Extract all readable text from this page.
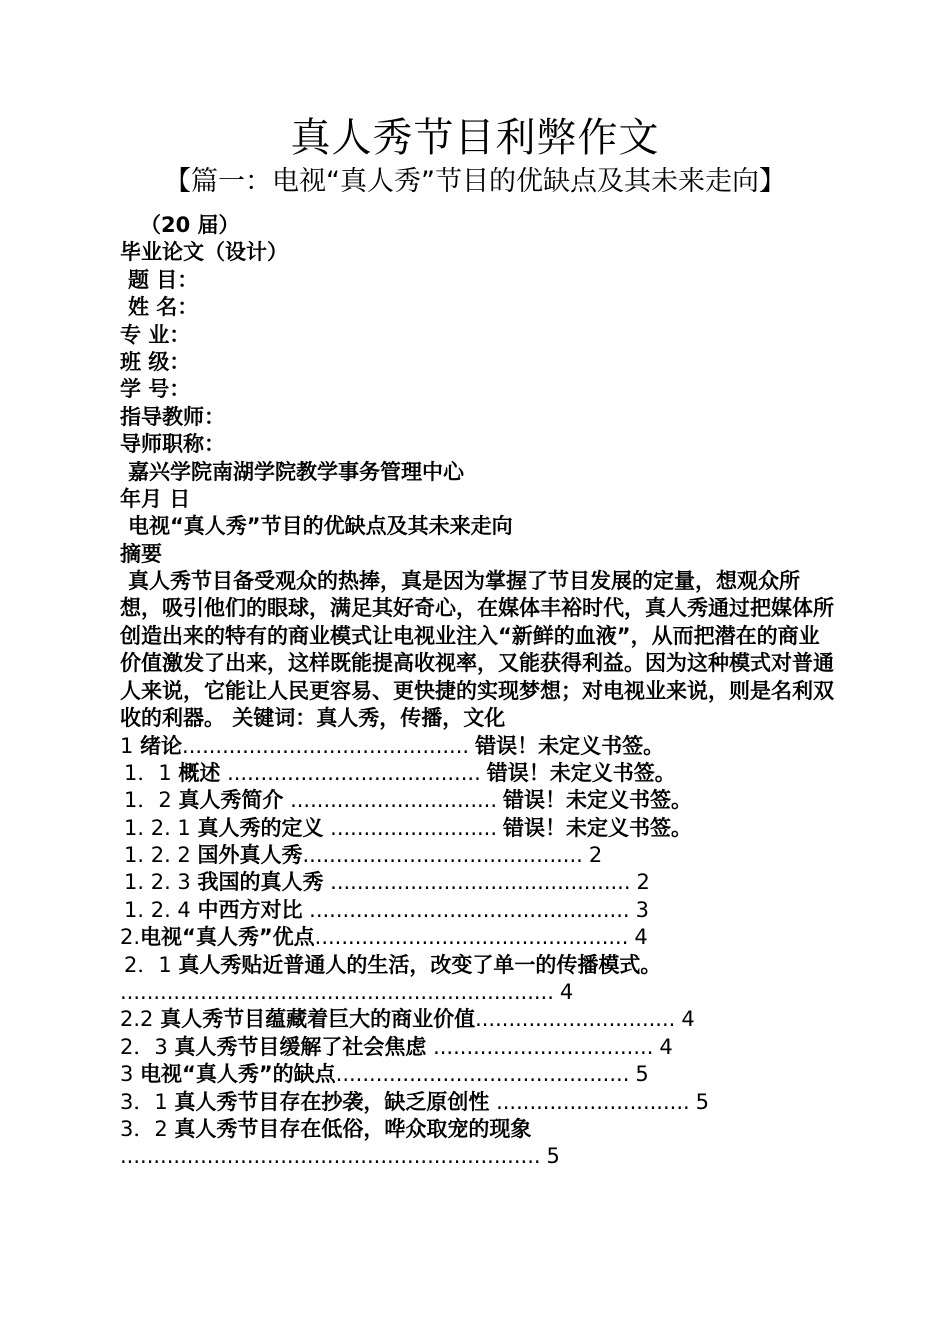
真人秀节目利弊作文
【篇一：电视“真人秀”节目的优缺点及其未来走向】
（20 届）
毕业论文（设计）
题 目：
姓 名：
专 业：
班 级：
学 号：
指导教师：
导师职称：
嘉兴学院南湖学院教学事务管理中心
年月 日
电视“真人秀”节目的优缺点及其未来走向
摘要
真人秀节目备受观众的热捧，真是因为掌握了节目发展的定量，想观众所想，吸引他们的眼球，满足其好奇心，在媒体丰裕时代，真人秀通过把媒体所创造出来的特有的商业模式让电视业注入“新鲜的血液”，从而把潜在的商业价值激发了出来，这样既能提高收视率，又能获得利益。因为这种模式对普通人来说，它能让人民更容易、更快捷的实现梦想；对电视业来说，则是名利双收的利器。 关键词：真人秀，传播，文化
1 绪论........................................... 错误！未定义书签。
1．1 概述 ...................................... 错误！未定义书签。
1．2 真人秀简介 ............................... 错误！未定义书签。
1. 2. 1 真人秀的定义 ......................... 错误！未定义书签。
1. 2. 2 国外真人秀.......................................... 2
1. 2. 3 我国的真人秀 ............................................. 2
1. 2. 4 中西方对比 ................................................ 3
2.电视“真人秀”优点............................................... 4
2．1 真人秀贴近普通人的生活，改变了单一的传播模式。
................................................................. 4
2.2 真人秀节目蕴藏着巨大的商业价值.............................. 4
2．3 真人秀节目缓解了社会焦虑 ................................. 4
3 电视“真人秀”的缺点............................................ 5
3．1 真人秀节目存在抄袭，缺乏原创性 ............................. 5
3．2 真人秀节目存在低俗，哗众取宠的现象
............................................................... 5
